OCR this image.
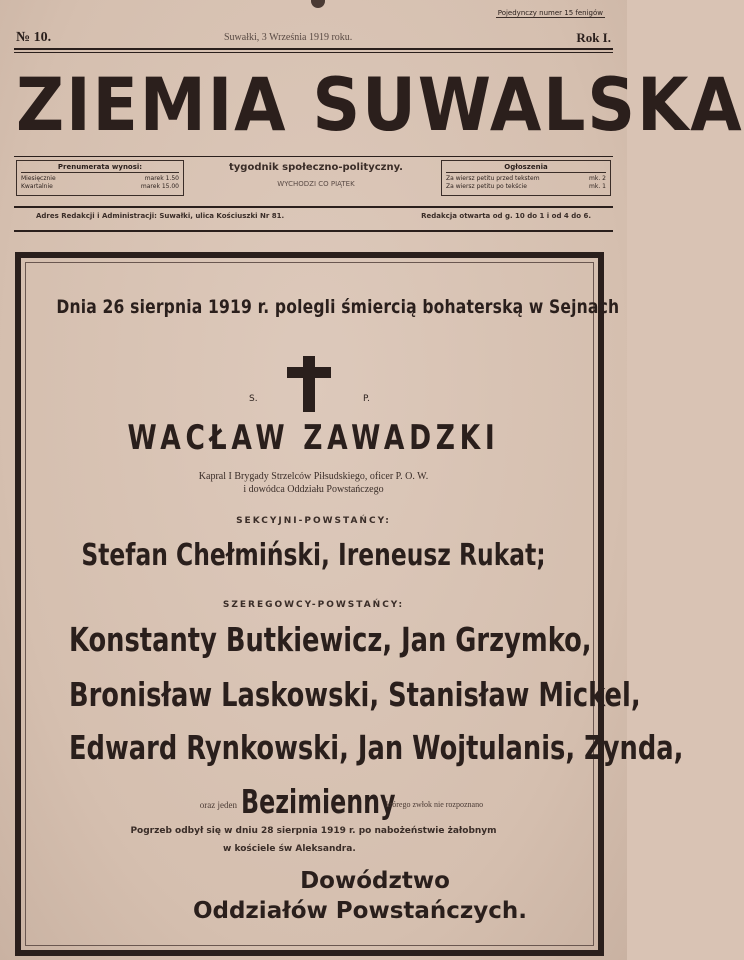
Pojedynczy numer 15 fenigów
№ 10.	Suwałki, 3 Września 1919 roku.	Rok I.
ZIEMIA SUWALSKA
Prenumerata wynosi:
Miesięcznie	marek 1.50
Kwartalnie	marek 15.00
tygodnik społeczno-polityczny.
WYCHODZI CO PIĄTEK
Ogłoszenia
Za wiersz petitu przed tekstem	mk. 2
Za wiersz petitu po tekście	mk. 1
Adres Redakcji i Administracji: Suwałki, ulica Kościuszki Nr 81.	Redakcja otwarta od g. 10 do 1 i od 4 do 6.
Dnia 26 sierpnia 1919 r. polegli śmiercią bohaterską w Sejnach
S.	P.
WACŁAW ZAWADZKI
Kapral I Brygady Strzelców Piłsudskiego, oficer P. O. W.
i dowódca Oddziału Powstańczego
SEKCYJNI-POWSTAŃCY:
Stefan Chełmiński, Ireneusz Rukat;
SZEREGOWCY-POWSTAŃCY:
Konstanty Butkiewicz, Jan Grzymko,
Bronisław Laskowski, Stanisław Mickel,
Edward Rynkowski, Jan Wojtulanis, Zynda,
oraz jeden Bezimienny
którego zwłok nie rozpoznano
Pogrzeb odbył się w dniu 28 sierpnia 1919 r. po nabożeństwie żałobnym
w kościele św Aleksandra.
Dowództwo
Oddziałów Powstańczych.
